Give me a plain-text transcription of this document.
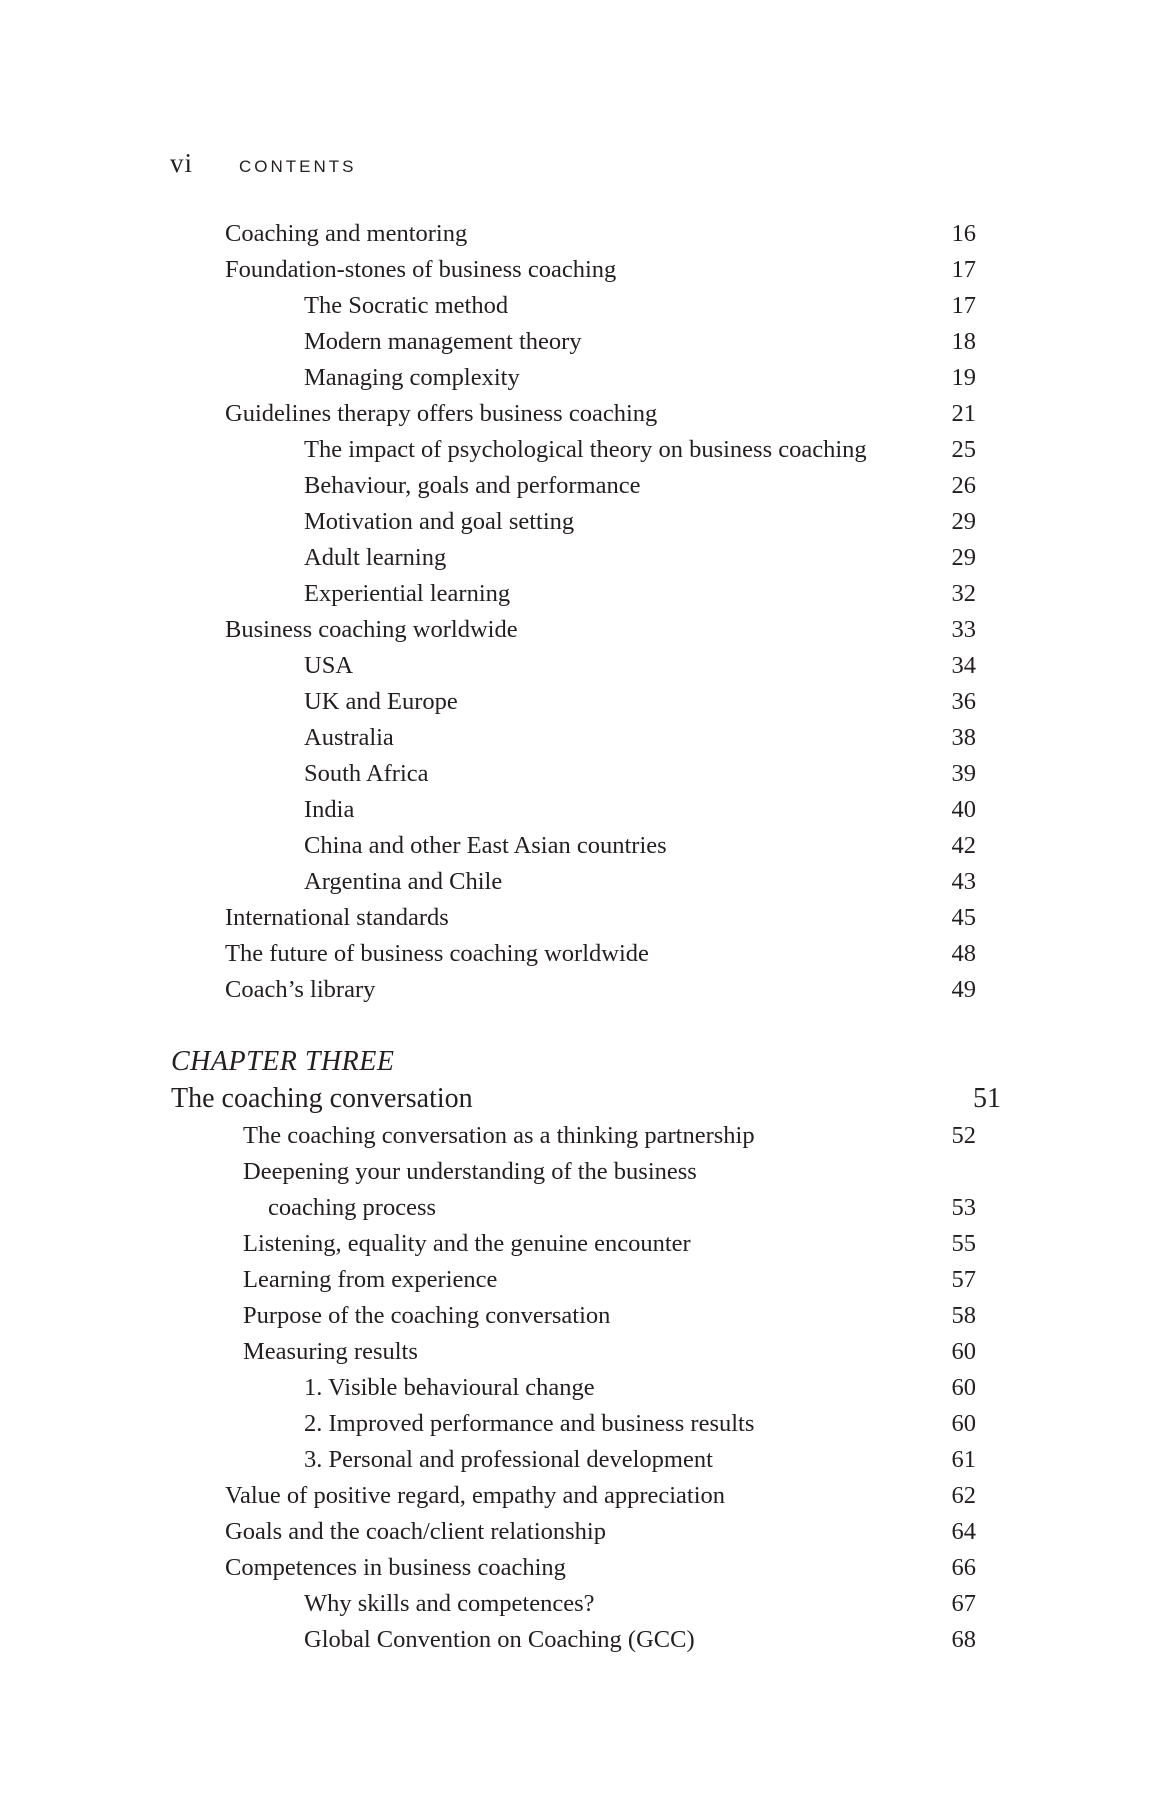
vi	CONTENTS
Coaching and mentoring	16
Foundation-stones of business coaching	17
The Socratic method	17
Modern management theory	18
Managing complexity	19
Guidelines therapy offers business coaching	21
The impact of psychological theory on business coaching	25
Behaviour, goals and performance	26
Motivation and goal setting	29
Adult learning	29
Experiential learning	32
Business coaching worldwide	33
USA	34
UK and Europe	36
Australia	38
South Africa	39
India	40
China and other East Asian countries	42
Argentina and Chile	43
International standards	45
The future of business coaching worldwide	48
Coach’s library	49
CHAPTER THREE
The coaching conversation	51
The coaching conversation as a thinking partnership	52
Deepening your understanding of the business
coaching process	53
Listening, equality and the genuine encounter	55
Learning from experience	57
Purpose of the coaching conversation	58
Measuring results	60
1. Visible behavioural change	60
2. Improved performance and business results	60
3. Personal and professional development	61
Value of positive regard, empathy and appreciation	62
Goals and the coach/client relationship	64
Competences in business coaching	66
Why skills and competences?	67
Global Convention on Coaching (GCC)	68
